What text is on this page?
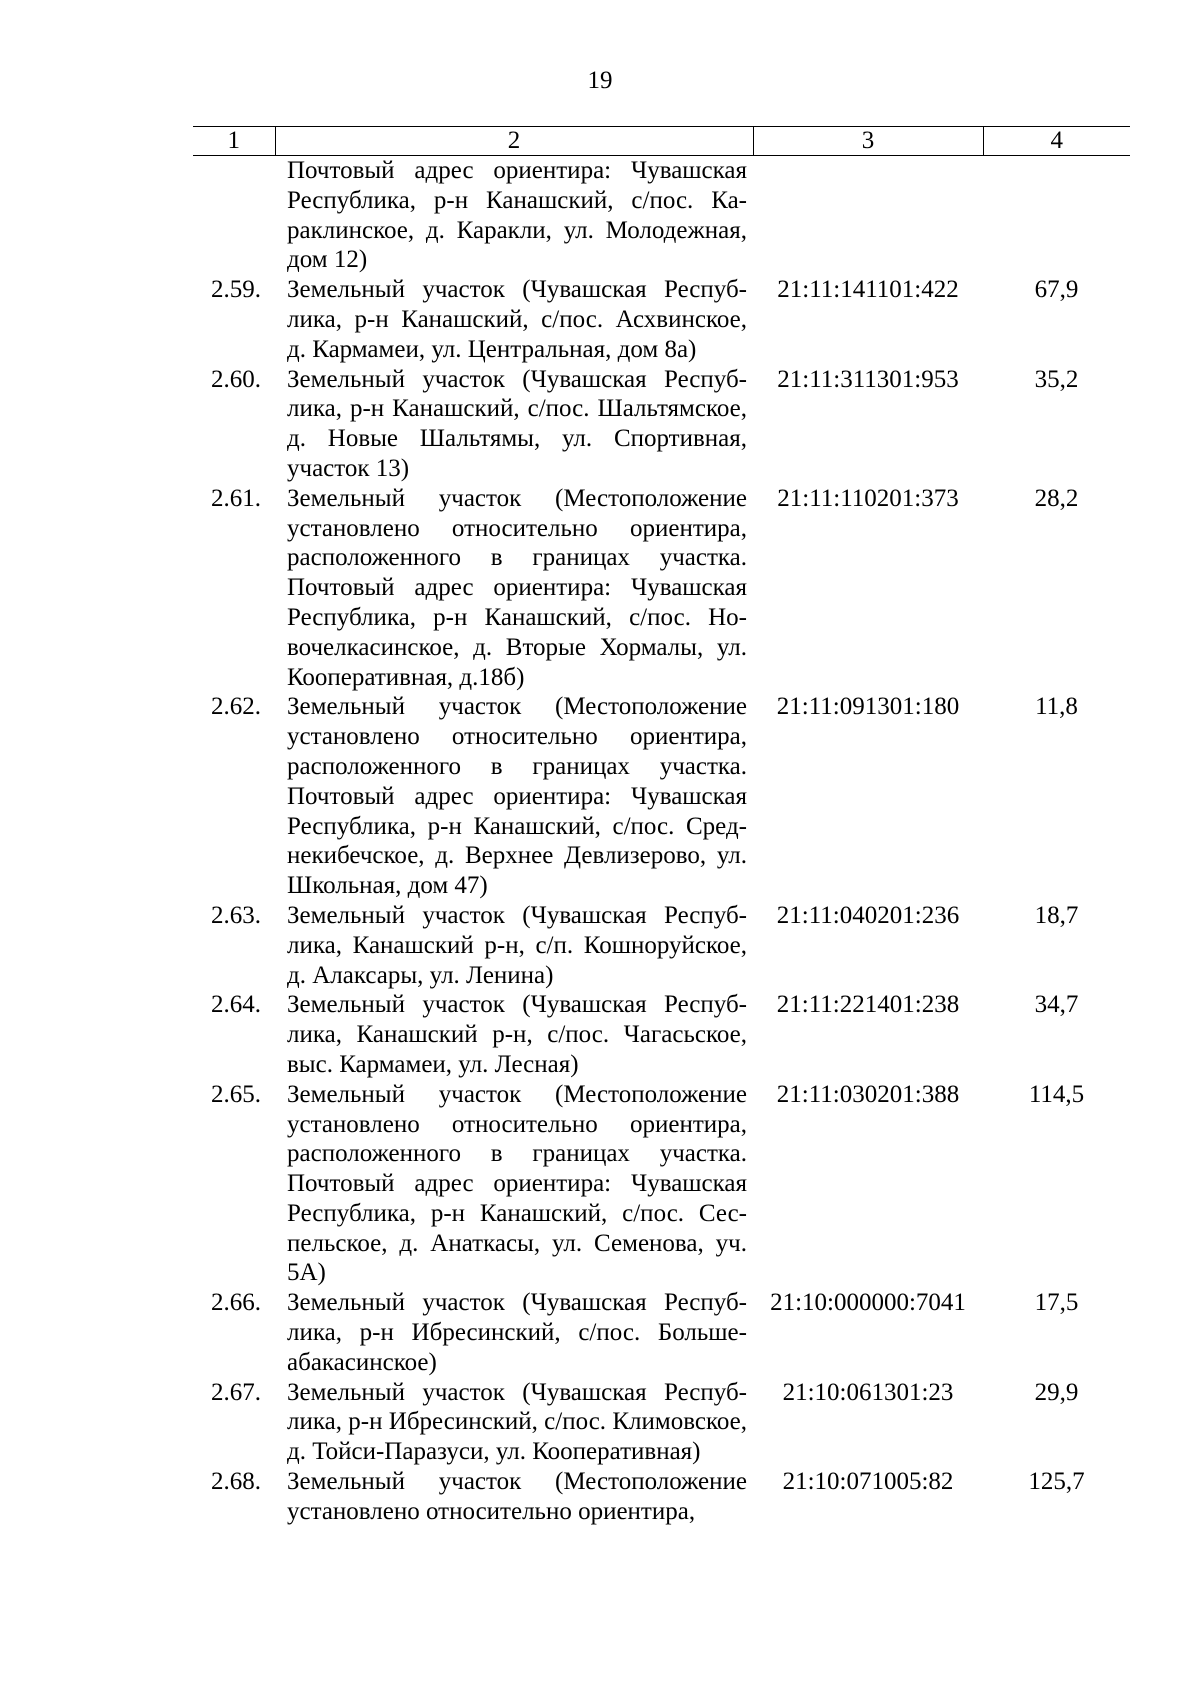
19
1	2	3	4
	Почтовый адрес ориентира: Чувашская Республика, р-н Канашский, с/пос. Караклинское, д. Каракли, ул. Молодежная, дом 12)		
2.59.	Земельный участок (Чувашская Республика, р-н Канашский, с/пос. Асхвинское, д. Кармамеи, ул. Центральная, дом 8а)	21:11:141101:422	67,9
2.60.	Земельный участок (Чувашская Республика, р-н Канашский, с/пос. Шальтямское, д. Новые Шальтямы, ул. Спортивная, участок 13)	21:11:311301:953	35,2
2.61.	Земельный участок (Местоположение установлено относительно ориентира, расположенного в границах участка. Почтовый адрес ориентира: Чувашская Республика, р-н Канашский, с/пос. Новочелкасинское, д. Вторые Хормалы, ул. Кооперативная, д.18б)	21:11:110201:373	28,2
2.62.	Земельный участок (Местоположение установлено относительно ориентира, расположенного в границах участка. Почтовый адрес ориентира: Чувашская Республика, р-н Канашский, с/пос. Среднекибечское, д. Верхнее Девлизерово, ул. Школьная, дом 47)	21:11:091301:180	11,8
2.63.	Земельный участок (Чувашская Республика, Канашский р-н, с/п. Кошноруйское, д. Алаксары, ул. Ленина)	21:11:040201:236	18,7
2.64.	Земельный участок (Чувашская Республика, Канашский р-н, с/пос. Чагасьское, выс. Кармамеи, ул. Лесная)	21:11:221401:238	34,7
2.65.	Земельный участок (Местоположение установлено относительно ориентира, расположенного в границах участка. Почтовый адрес ориентира: Чувашская Республика, р-н Канашский, с/пос. Сеспельское, д. Анаткасы, ул. Семенова, уч. 5А)	21:11:030201:388	114,5
2.66.	Земельный участок (Чувашская Республика, р-н Ибресинский, с/пос. Большеабакасинское)	21:10:000000:7041	17,5
2.67.	Земельный участок (Чувашская Республика, р-н Ибресинский, с/пос. Климовское, д. Тойси-Паразуси, ул. Кооперативная)	21:10:061301:23	29,9
2.68.	Земельный участок (Местоположение установлено относительно ориентира,	21:10:071005:82	125,7
